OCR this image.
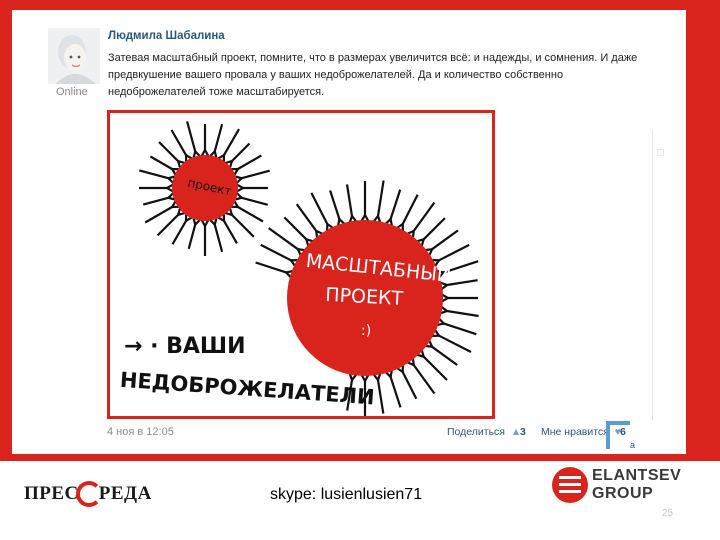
Online
Людмила Шабалина
Затевая масштабный проект, помните, что в размерах увеличится всё: и надежды, и сомнения. И даже предвкушение вашего провала у ваших недоброжелателей. Да и количество собственно недоброжелателей тоже масштабируется.
□
проект
МАСШТАБНЫЙ
ПРОЕКТ
:)
→ · ВАШИ
НЕДОБРОЖЕЛАТЕЛИ
4 ноя в 12:05	Поделиться ▲
3 Мне нравится ♥
6
a
ПРЕС РЕДА	skype: lusienlusien71
ELANTSEV
GROUP
25
